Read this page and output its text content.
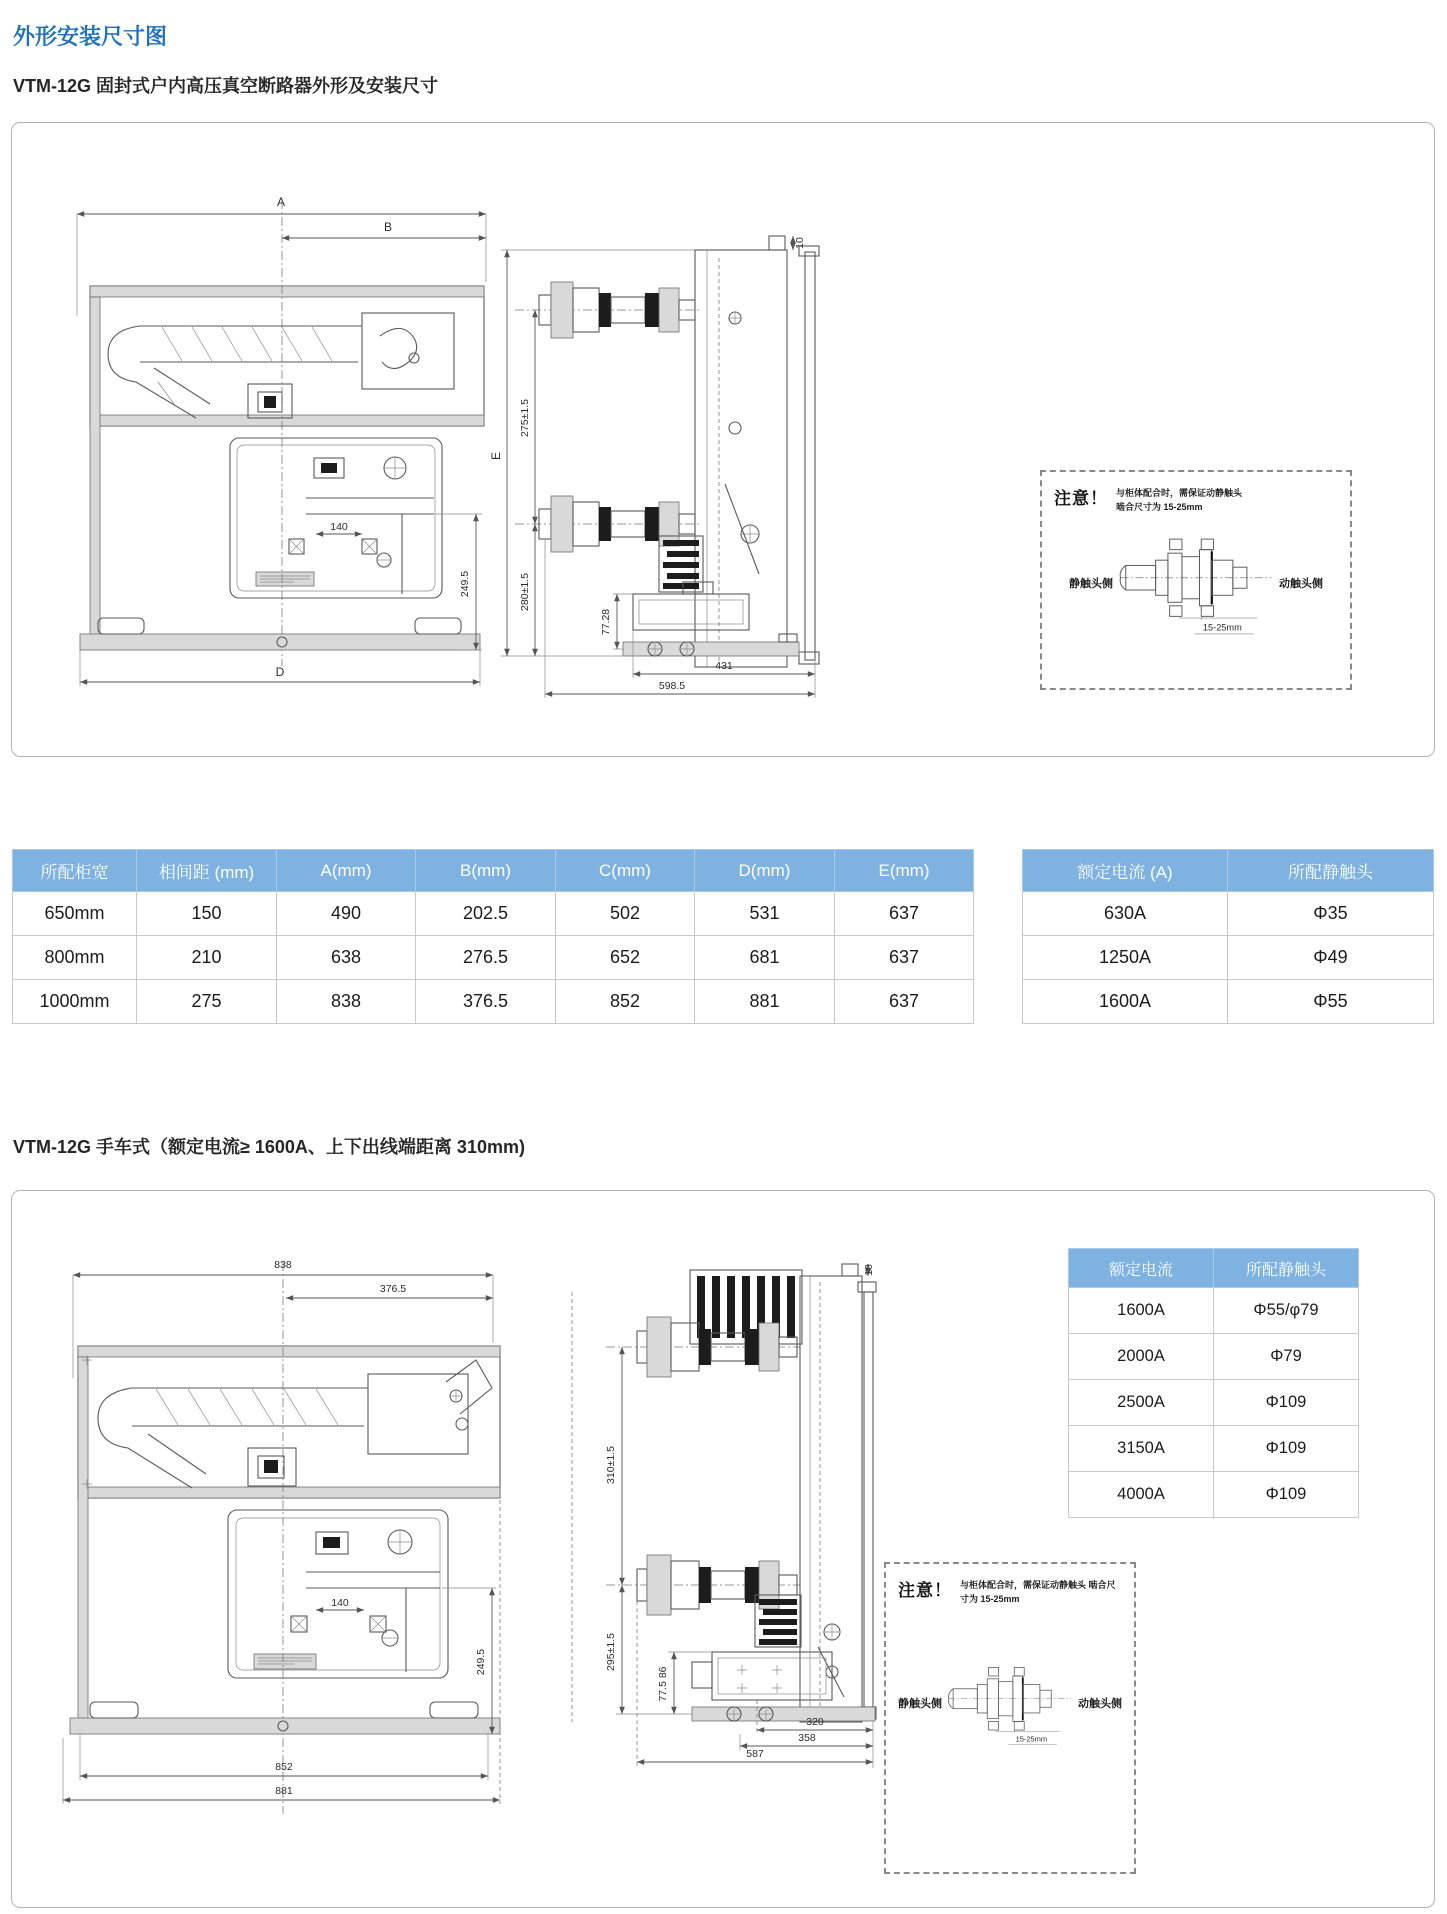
外形安装尺寸图
VTM-12G 固封式户内高压真空断路器外形及安装尺寸
A
B
140
249.5
D
10
E
275±1.5
280±1.5
77.28
431
598.5
注意！ 与柜体配合时，需保证动静触头
啮合尺寸为 15-25mm
静触头侧
15-25mm
动触头侧
所配柜宽	相间距 (mm)	A(mm)	B(mm)	C(mm)	D(mm)	E(mm)
650mm	150	490	202.5	502	531	637
800mm	210	638	276.5	652	681	637
1000mm	275	838	376.5	852	881	637
额定电流 (A)	所配静触头
630A	Φ35
1250A	Φ49
1600A	Φ55
VTM-12G 手车式（额定电流≥ 1600A、上下出线端距离 310mm)
838
376.5
140
249.5
852
881
10
310±1.5
295±1.5
77.5 86
320
358
587
额定电流	所配静触头
1600A	Φ55/φ79
2000A	Φ79
2500A	Φ109
3150A	Φ109
4000A	Φ109
注意！ 与柜体配合时，需保证动静触头 啮合尺寸为 15-25mm
静触头侧
15-25mm
动触头侧
